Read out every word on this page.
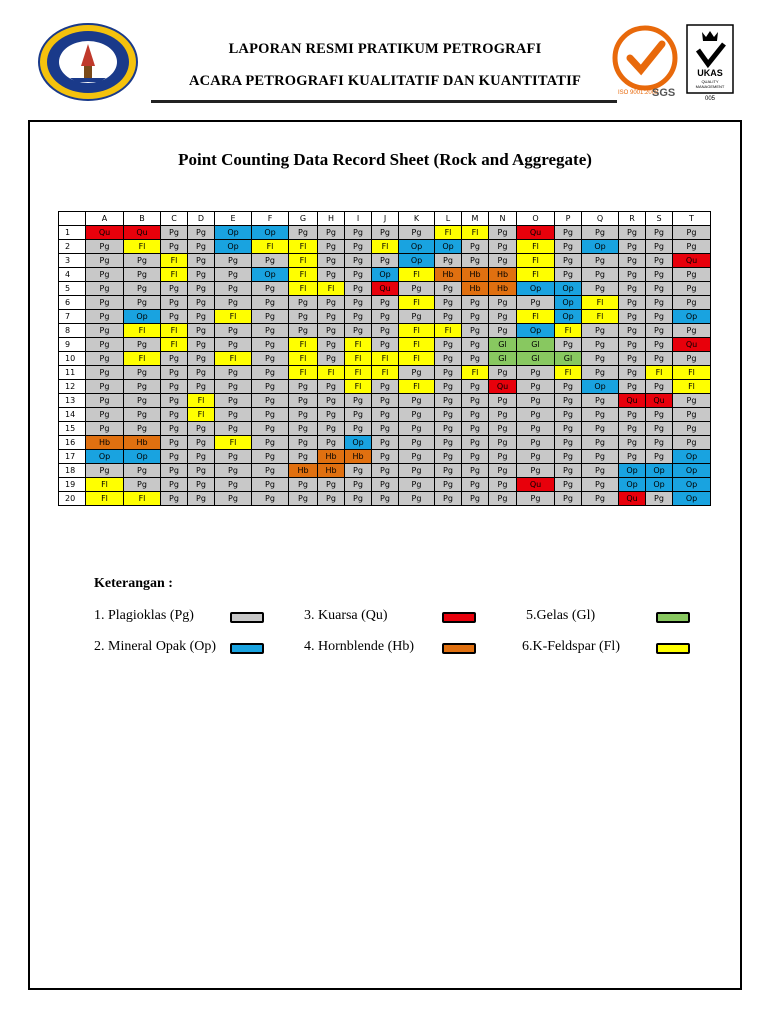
LAPORAN RESMI PRATIKUM PETROGRAFI
ACARA PETROGRAFI KUALITATIF DAN KUANTITATIF
ISO 9001:2008
SGS
UKAS
QUALITY
MANAGEMENT
005
Point Counting Data Record Sheet (Rock and Aggregate)
	A	B	C	D	E	F	G	H	I	J	K	L	M	N	O	P	Q	R	S	T
1	Qu	Qu	Pg	Pg	Op	Op	Pg	Pg	Pg	Pg	Pg	Fl	Fl	Pg	Qu	Pg	Pg	Pg	Pg	Pg
2	Pg	Fl	Pg	Pg	Op	Fl	Fl	Pg	Pg	Fl	Op	Op	Pg	Pg	Fl	Pg	Op	Pg	Pg	Pg
3	Pg	Pg	Fl	Pg	Pg	Pg	Fl	Pg	Pg	Pg	Op	Pg	Pg	Pg	Fl	Pg	Pg	Pg	Pg	Qu
4	Pg	Pg	Fl	Pg	Pg	Op	Fl	Pg	Pg	Op	Fl	Hb	Hb	Hb	Fl	Pg	Pg	Pg	Pg	Pg
5	Pg	Pg	Pg	Pg	Pg	Pg	Fl	Fl	Pg	Qu	Pg	Pg	Hb	Hb	Op	Op	Pg	Pg	Pg	Pg
6	Pg	Pg	Pg	Pg	Pg	Pg	Pg	Pg	Pg	Pg	Fl	Pg	Pg	Pg	Pg	Op	Fl	Pg	Pg	Pg
7	Pg	Op	Pg	Pg	Fl	Pg	Pg	Pg	Pg	Pg	Pg	Pg	Pg	Pg	Fl	Op	Fl	Pg	Pg	Op
8	Pg	Fl	Fl	Pg	Pg	Pg	Pg	Pg	Pg	Pg	Fl	Fl	Pg	Pg	Op	Fl	Pg	Pg	Pg	Pg
9	Pg	Pg	Fl	Pg	Pg	Pg	Fl	Pg	Fl	Pg	Fl	Pg	Pg	Gl	Gl	Pg	Pg	Pg	Pg	Qu
10	Pg	Fl	Pg	Pg	Fl	Pg	Fl	Pg	Fl	Fl	Fl	Pg	Pg	Gl	Gl	Gl	Pg	Pg	Pg	Pg
11	Pg	Pg	Pg	Pg	Pg	Pg	Fl	Fl	Fl	Fl	Pg	Pg	Fl	Pg	Pg	Fl	Pg	Pg	Fl	Fl
12	Pg	Pg	Pg	Pg	Pg	Pg	Pg	Pg	Fl	Pg	Fl	Pg	Pg	Qu	Pg	Pg	Op	Pg	Pg	Fl
13	Pg	Pg	Pg	Fl	Pg	Pg	Pg	Pg	Pg	Pg	Pg	Pg	Pg	Pg	Pg	Pg	Pg	Qu	Qu	Pg
14	Pg	Pg	Pg	Fl	Pg	Pg	Pg	Pg	Pg	Pg	Pg	Pg	Pg	Pg	Pg	Pg	Pg	Pg	Pg	Pg
15	Pg	Pg	Pg	Pg	Pg	Pg	Pg	Pg	Pg	Pg	Pg	Pg	Pg	Pg	Pg	Pg	Pg	Pg	Pg	Pg
16	Hb	Hb	Pg	Pg	Fl	Pg	Pg	Pg	Op	Pg	Pg	Pg	Pg	Pg	Pg	Pg	Pg	Pg	Pg	Pg
17	Op	Op	Pg	Pg	Pg	Pg	Pg	Hb	Hb	Pg	Pg	Pg	Pg	Pg	Pg	Pg	Pg	Pg	Pg	Op
18	Pg	Pg	Pg	Pg	Pg	Pg	Hb	Hb	Pg	Pg	Pg	Pg	Pg	Pg	Pg	Pg	Pg	Op	Op	Op
19	Fl	Pg	Pg	Pg	Pg	Pg	Pg	Pg	Pg	Pg	Pg	Pg	Pg	Pg	Qu	Pg	Pg	Op	Op	Op
20	Fl	Fl	Pg	Pg	Pg	Pg	Pg	Pg	Pg	Pg	Pg	Pg	Pg	Pg	Pg	Pg	Pg	Qu	Pg	Op
Keterangan :
1. Plagioklas (Pg)
2. Mineral Opak (Op)
3. Kuarsa (Qu)
4. Hornblende (Hb)
5.Gelas (Gl)
6.K-Feldspar (Fl)
